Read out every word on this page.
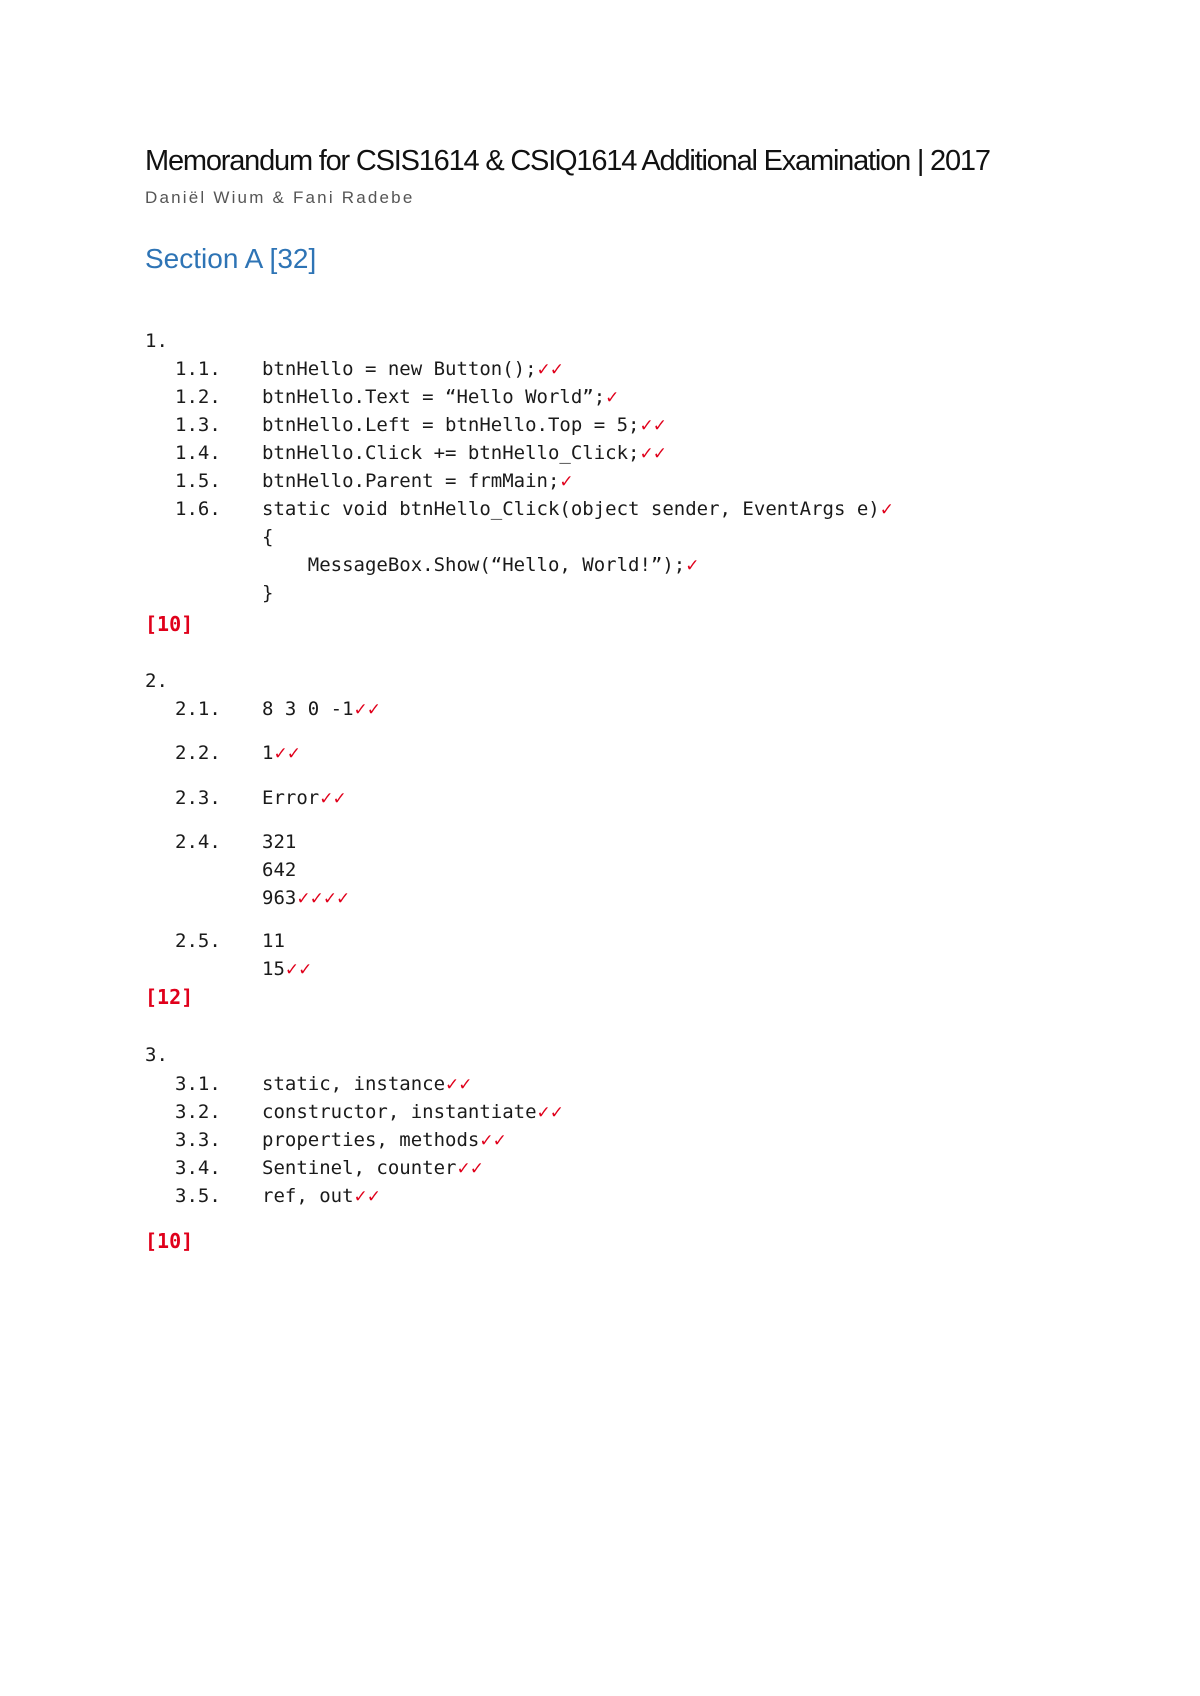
Memorandum for CSIS1614 & CSIQ1614 Additional Examination | 2017
Daniël Wium & Fani Radebe
Section A [32]
1.
1.1. btnHello = new Button();✓✓
1.2. btnHello.Text = “Hello World”;✓
1.3. btnHello.Left = btnHello.Top = 5;✓✓
1.4. btnHello.Click += btnHello_Click;✓✓
1.5. btnHello.Parent = frmMain;✓
1.6. static void btnHello_Click(object sender, EventArgs e)✓
{
MessageBox.Show(“Hello, World!”);✓
}
[10]
2.
2.1. 8 3 0 -1✓✓
2.2. 1✓✓
2.3. Error✓✓
2.4. 321
642
963✓✓✓✓
2.5. 11
15✓✓
[12]
3.
3.1. static, instance✓✓
3.2. constructor, instantiate✓✓
3.3. properties, methods✓✓
3.4. Sentinel, counter✓✓
3.5. ref, out✓✓
[10]
